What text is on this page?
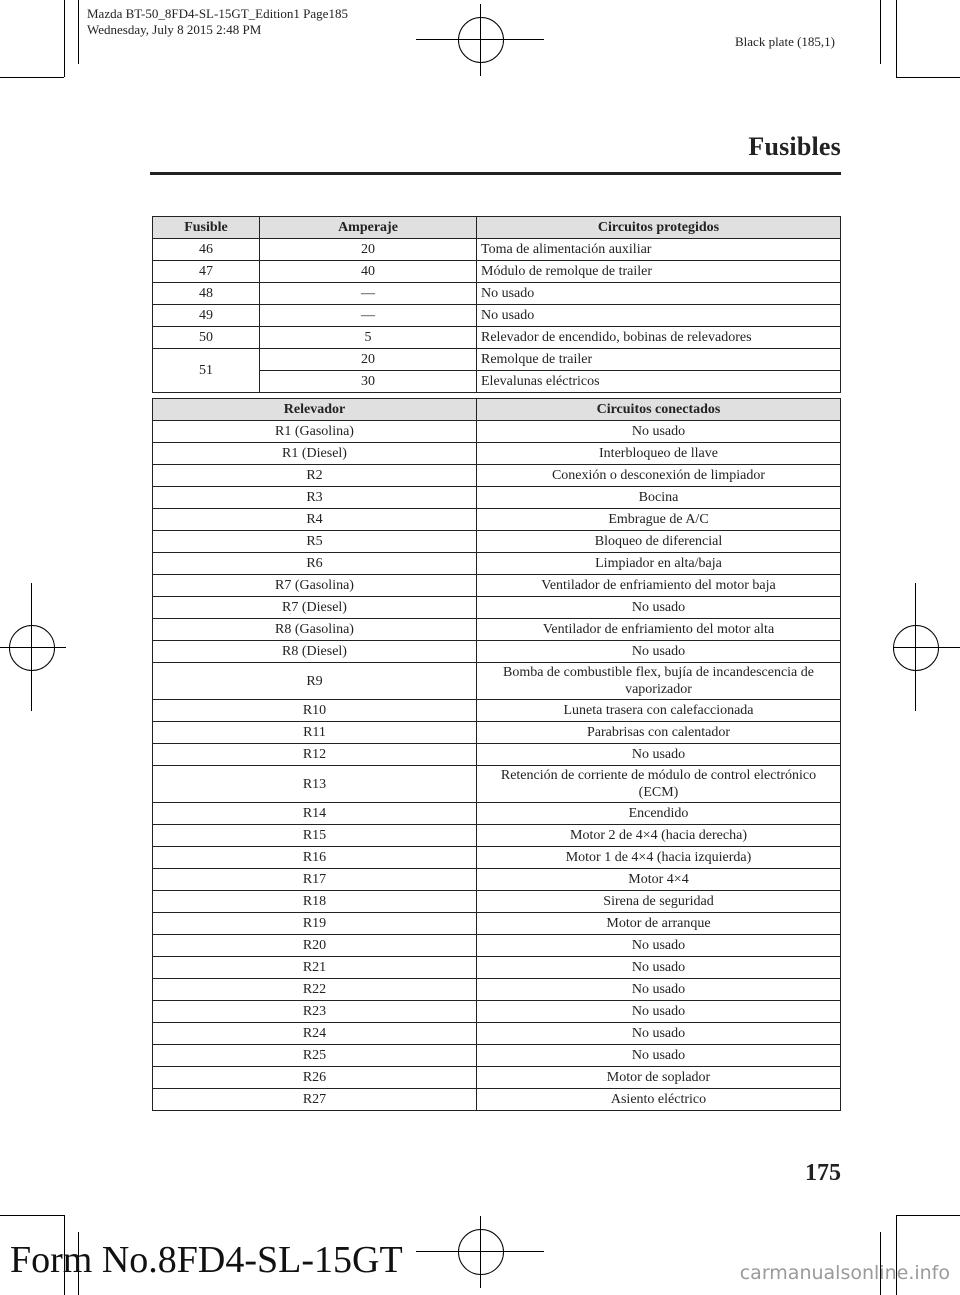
Mazda BT-50_8FD4-SL-15GT_Edition1 Page185
Wednesday, July 8 2015 2:48 PM
Black plate (185,1)
Fusibles
Fusible	Amperaje	Circuitos protegidos
46	20	Toma de alimentación auxiliar
47	40	Módulo de remolque de trailer
48	―	No usado
49	―	No usado
50	5	Relevador de encendido, bobinas de relevadores
51	20	Remolque de trailer
	30	Elevalunas eléctricos
Relevador	Circuitos conectados
R1 (Gasolina)	No usado
R1 (Diesel)	Interbloqueo de llave
R2	Conexión o desconexión de limpiador
R3	Bocina
R4	Embrague de A/C
R5	Bloqueo de diferencial
R6	Limpiador en alta/baja
R7 (Gasolina)	Ventilador de enfriamiento del motor baja
R7 (Diesel)	No usado
R8 (Gasolina)	Ventilador de enfriamiento del motor alta
R8 (Diesel)	No usado
R9	Bomba de combustible flex, bujía de incandescencia de vaporizador
R10	Luneta trasera con calefaccionada
R11	Parabrisas con calentador
R12	No usado
R13	Retención de corriente de módulo de control electrónico (ECM)
R14	Encendido
R15	Motor 2 de 4×4 (hacia derecha)
R16	Motor 1 de 4×4 (hacia izquierda)
R17	Motor 4×4
R18	Sirena de seguridad
R19	Motor de arranque
R20	No usado
R21	No usado
R22	No usado
R23	No usado
R24	No usado
R25	No usado
R26	Motor de soplador
R27	Asiento eléctrico
175
Form No.8FD4-SL-15GT	carmanualsonline.info
